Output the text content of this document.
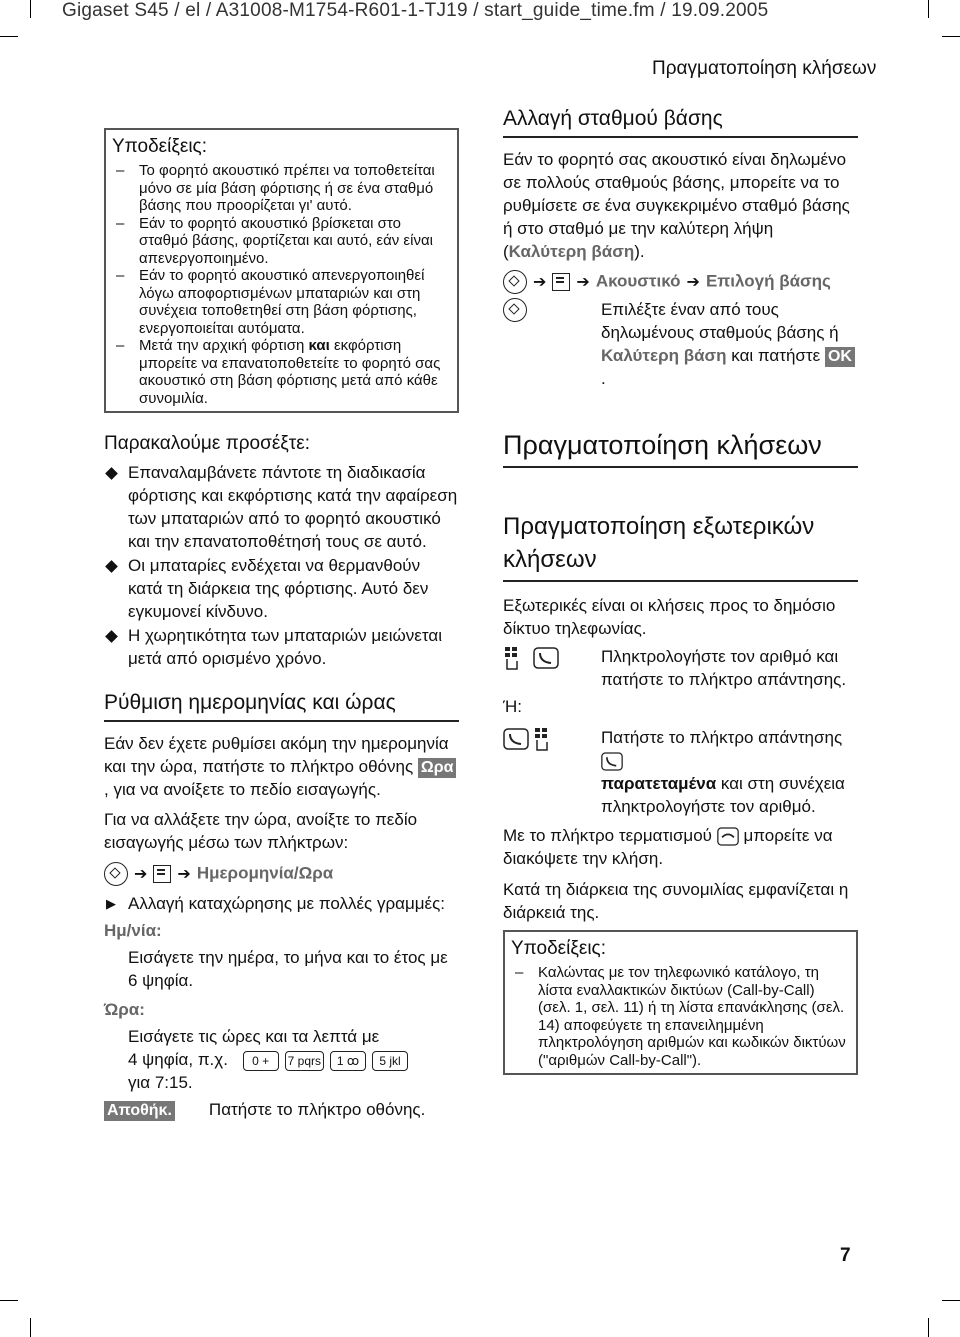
Gigaset S45 / el / A31008-M1754-R601-1-TJ19 / start_guide_time.fm / 19.09.2005
Πραγματοποίηση κλήσεων
Υποδείξεις:
– Το φορητό ακουστικό πρέπει να τοποθετείται μόνο σε μία βάση φόρτισης ή σε ένα σταθμό βάσης που προορίζεται γι' αυτό.
– Εάν το φορητό ακουστικό βρίσκεται στο σταθμό βάσης, φορτίζεται και αυτό, εάν είναι απενεργοποιημένο.
– Εάν το φορητό ακουστικό απενεργοποιηθεί λόγω αποφορτισμένων μπαταριών και στη συνέχεια τοποθετηθεί στη βάση φόρτισης, ενεργοποιείται αυτόματα.
– Μετά την αρχική φόρτιση και εκφόρτιση μπορείτε να επανατοποθετείτε το φορητό σας ακουστικό στη βάση φόρτισης μετά από κάθε συνομιλία.
Παρακαλούμε προσέξτε:
Επαναλαμβάνετε πάντοτε τη διαδικασία φόρτισης και εκφόρτισης κατά την αφαίρεση των μπαταριών από το φορητό ακουστικό και την επανατοποθέτησή τους σε αυτό.
Οι μπαταρίες ενδέχεται να θερμανθούν κατά τη διάρκεια της φόρτισης. Αυτό δεν εγκυμονεί κίνδυνο.
Η χωρητικότητα των μπαταριών μειώνεται μετά από ορισμένο χρόνο.
Ρύθμιση ημερομηνίας και ώρας

Εάν δεν έχετε ρυθμίσει ακόμη την ημερομηνία και την ώρα, πατήστε το πλήκτρο οθόνης Ωρα, για να ανοίξετε το πεδίο εισαγωγής.

Για να αλλάξετε την ώρα, ανοίξτε το πεδίο εισαγωγής μέσω των πλήκτρων:

➔ ➔ Ημερομηνία/Ωρα
▶ Αλλαγή καταχώρησης με πολλές γραμμές:
Ημ/νία:
Εισάγετε την ημέρα, το μήνα και το έτος με 6 ψηφία.
Ώρα:
Εισάγετε τις ώρες και τα λεπτά με
4 ψηφία, π.χ. 0 + 7 pqrs 1 ꝏ 5 jkl
για 7:15.
Αποθήκ. Πατήστε το πλήκτρο οθόνης.
Αλλαγή σταθμού βάσης

Εάν το φορητό σας ακουστικό είναι δηλωμένο σε πολλούς σταθμούς βάσης, μπορείτε να το ρυθμίσετε σε ένα συγκεκριμένο σταθμό βάσης ή στο σταθμό με την καλύτερη λήψη (Καλύτερη βάση).

➔ ➔ Ακουστικό ➔ Επιλογή βάσης
Επιλέξτε έναν από τους δηλωμένους σταθμούς βάσης ή Καλύτερη βάση και πατήστε OK.
Πραγματοποίηση κλήσεων
Πραγματοποίηση εξωτερικών κλήσεων

Εξωτερικές είναι οι κλήσεις προς το δημόσιο δίκτυο τηλεφωνίας.

Πληκτρολογήστε τον αριθμό και πατήστε το πλήκτρο απάντησης.
Ή:

Πατήστε το πλήκτρο απάντησης
παρατεταμένα και στη συνέχεια πληκτρολογήστε τον αριθμό.

Με το πλήκτρο τερματισμού μπορείτε να διακόψετε την κλήση.

Κατά τη διάρκεια της συνομιλίας εμφανίζεται η διάρκειά της.

Υποδείξεις:
– Καλώντας με τον τηλεφωνικό κατάλογο, τη λίστα εναλλακτικών δικτύων (Call-by-Call) (σελ. 1, σελ. 11) ή τη λίστα επανάκλησης (σελ. 14) αποφεύγετε τη επανειλημμένη πληκτρολόγηση αριθμών και κωδικών δικτύων ("αριθμών Call-by-Call").
7
